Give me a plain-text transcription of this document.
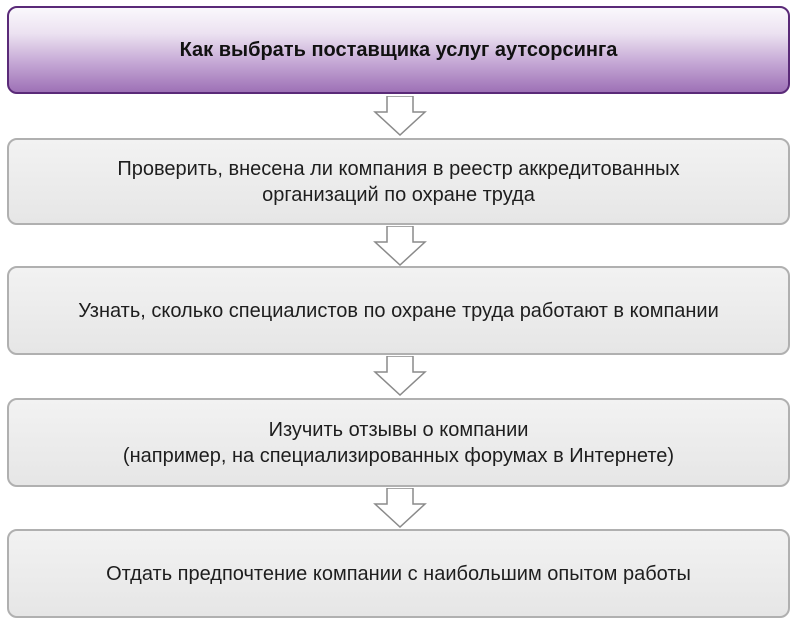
Как выбрать поставщика услуг аутсорсинга
Проверить, внесена ли компания в реестр аккредитованных
организаций по охране труда
Узнать, сколько специалистов по охране труда работают в компании
Изучить отзывы о компании
(например, на специализированных форумах в Интернете)
Отдать предпочтение компании с наибольшим опытом работы
